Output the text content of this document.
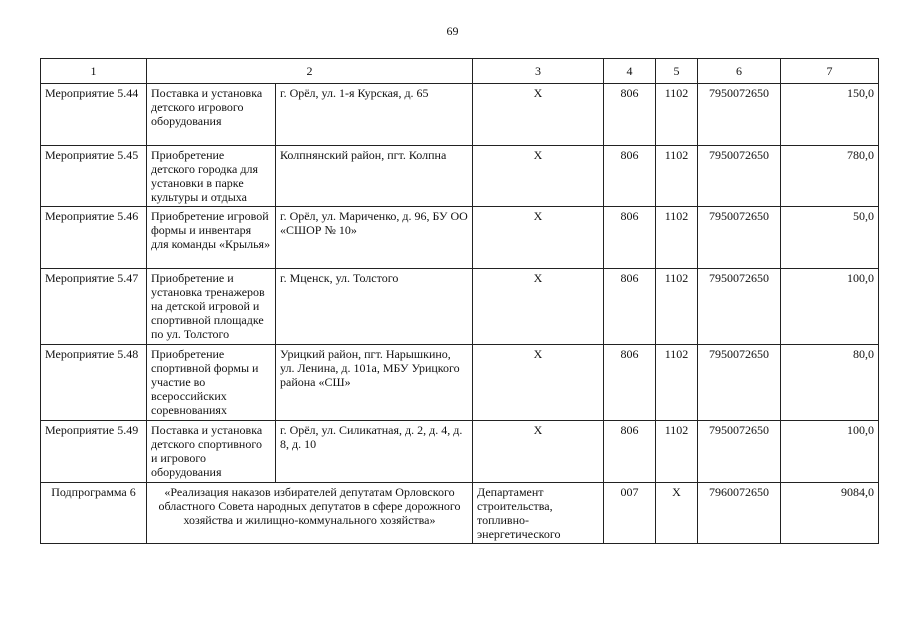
69
1	2		3	4	5	6	7
Мероприятие 5.44	Поставка и установка детского игрового оборудования	г. Орёл, ул. 1-я Курская, д. 65	Х	806	1102	7950072650	150,0
Мероприятие 5.45	Приобретение детского городка для установки в парке культуры и отдыха	Колпнянский район, пгт. Колпна	Х	806	1102	7950072650	780,0
Мероприятие 5.46	Приобретение игровой формы и инвентаря для команды «Крылья»	г. Орёл, ул. Мариченко, д. 96, БУ ОО «СШОР № 10»	Х	806	1102	7950072650	50,0
Мероприятие 5.47	Приобретение и установка тренажеров на детской игровой и спортивной площадке по ул. Толстого	г. Мценск, ул. Толстого	Х	806	1102	7950072650	100,0
Мероприятие 5.48	Приобретение спортивной формы и участие во всероссийских соревнованиях	Урицкий район, пгт. Нарышкино, ул. Ленина, д. 101а, МБУ Урицкого района «СШ»	Х	806	1102	7950072650	80,0
Мероприятие 5.49	Поставка и установка детского спортивного и игрового оборудования	г. Орёл, ул. Силикатная, д. 2, д. 4, д. 8, д. 10	Х	806	1102	7950072650	100,0
Подпрограмма 6	«Реализация наказов избирателей депутатам Орловского областного Совета народных депутатов в сфере дорожного хозяйства и жилищно-коммунального хозяйства»		Департамент строительства, топливно-энергетического	007	Х	7960072650	9084,0
